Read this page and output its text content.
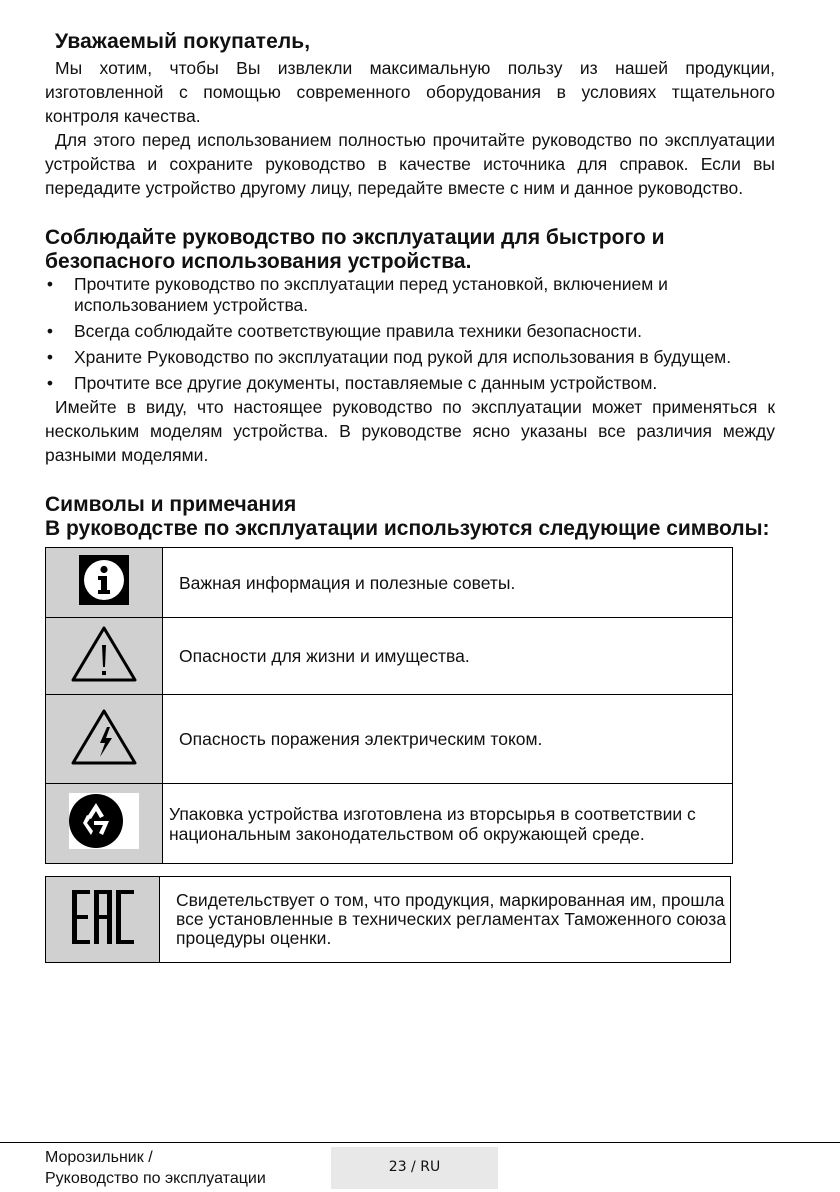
Уважаемый покупатель,

Мы хотим, чтобы Вы извлекли максимальную пользу из нашей продукции, изготовленной с помощью современного оборудования в условиях тщательного контроля качества.

Для этого перед использованием полностью прочитайте руководство по эксплуатации устройства и сохраните руководство в качестве источника для справок. Если вы передадите устройство другому лицу, передайте вместе с ним и данное руководство.

Соблюдайте руководство по эксплуатации для быстрого и безопасного использования устройства.
• Прочтите руководство по эксплуатации перед установкой, включением и использованием устройства.
• Всегда соблюдайте соответствующие правила техники безопасности.
• Храните Руководство по эксплуатации под рукой для использования в будущем.
• Прочтите все другие документы, поставляемые с данным устройством.

Имейте в виду, что настоящее руководство по эксплуатации может применяться к нескольким моделям устройства. В руководстве ясно указаны все различия между разными моделями.

Символы и примечания
В руководстве по эксплуатации используются следующие символы:
	Важная информация и полезные советы.
	Опасности для жизни и имущества.
	Опасность поражения электрическим током.
	Упаковка устройства изготовлена из вторсырья в соответствии с национальным законодательством об окружающей среде.
	Свидетельствует о том, что продукция, маркированная им, прошла все установленные в технических регламентах Таможенного союза процедуры оценки.
Морозильник /
Руководство по эксплуатации
23 / RU
